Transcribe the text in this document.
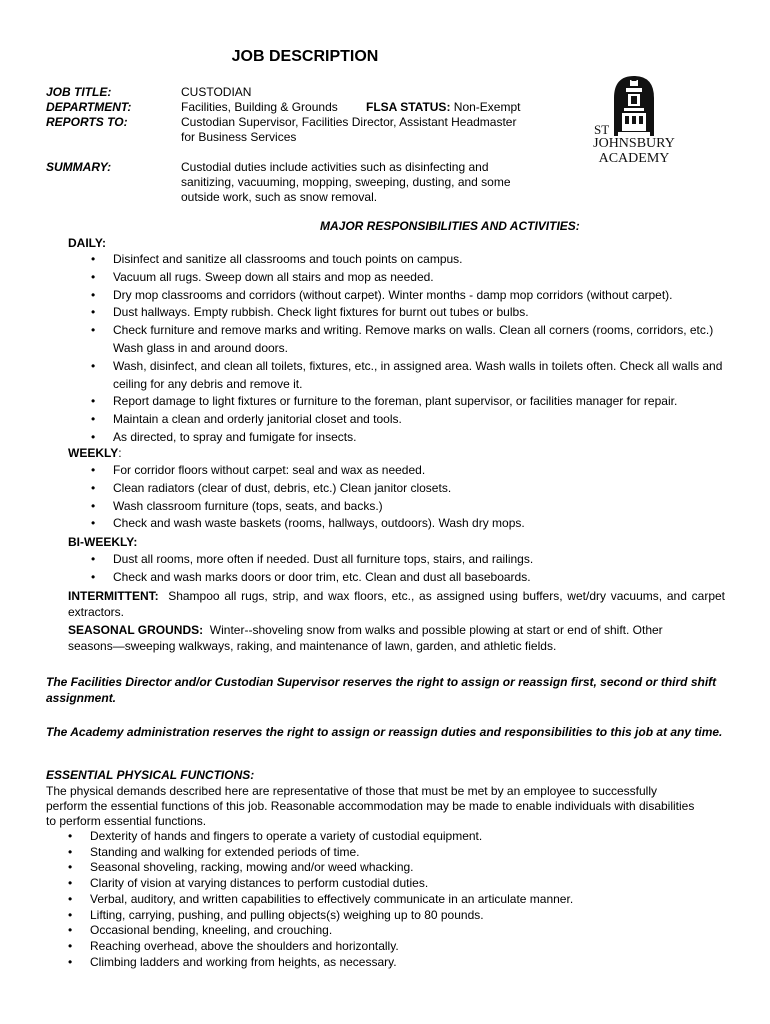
JOB DESCRIPTION
JOB TITLE:	CUSTODIAN
DEPARTMENT:	Facilities, Building & Grounds FLSA STATUS: Non-Exempt
REPORTS TO:	Custodian Supervisor, Facilities Director, Assistant Headmaster
for Business Services
SUMMARY:	Custodial duties include activities such as disinfecting and
sanitizing, vacuuming, mopping, sweeping, dusting, and some
outside work, such as snow removal.
ST
JOHNSBURY
ACADEMY
MAJOR RESPONSIBILITIES AND ACTIVITIES:
DAILY:
• Disinfect and sanitize all classrooms and touch points on campus.
• Vacuum all rugs. Sweep down all stairs and mop as needed.
• Dry mop classrooms and corridors (without carpet). Winter months - damp mop corridors (without carpet).
• Dust hallways. Empty rubbish. Check light fixtures for burnt out tubes or bulbs.
• Check furniture and remove marks and writing. Remove marks on walls. Clean all corners (rooms, corridors, etc.) Wash glass in and around doors.
• Wash, disinfect, and clean all toilets, fixtures, etc., in assigned area. Wash walls in toilets often. Check all walls and ceiling for any debris and remove it.
• Report damage to light fixtures or furniture to the foreman, plant supervisor, or facilities manager for repair.
• Maintain a clean and orderly janitorial closet and tools.
• As directed, to spray and fumigate for insects.
WEEKLY:
• For corridor floors without carpet: seal and wax as needed.
• Clean radiators (clear of dust, debris, etc.) Clean janitor closets.
• Wash classroom furniture (tops, seats, and backs.)
• Check and wash waste baskets (rooms, hallways, outdoors). Wash dry mops.
BI-WEEKLY:
• Dust all rooms, more often if needed. Dust all furniture tops, stairs, and railings.
• Check and wash marks doors or door trim, etc. Clean and dust all baseboards.

INTERMITTENT: Shampoo all rugs, strip, and wax floors, etc., as assigned using buffers, wet/dry vacuums, and carpet extractors.

SEASONAL GROUNDS: Winter--shoveling snow from walks and possible plowing at start or end of shift. Other seasons—sweeping walkways, raking, and maintenance of lawn, garden, and athletic fields.

The Facilities Director and/or Custodian Supervisor reserves the right to assign or reassign first, second or third shift assignment.
The Academy administration reserves the right to assign or reassign duties and responsibilities to this job at any time.
ESSENTIAL PHYSICAL FUNCTIONS:
The physical demands described here are representative of those that must be met by an employee to successfully perform the essential functions of this job. Reasonable accommodation may be made to enable individuals with disabilities to perform essential functions.
• Dexterity of hands and fingers to operate a variety of custodial equipment.
• Standing and walking for extended periods of time.
• Seasonal shoveling, racking, mowing and/or weed whacking.
• Clarity of vision at varying distances to perform custodial duties.
• Verbal, auditory, and written capabilities to effectively communicate in an articulate manner.
• Lifting, carrying, pushing, and pulling objects(s) weighing up to 80 pounds.
• Occasional bending, kneeling, and crouching.
• Reaching overhead, above the shoulders and horizontally.
• Climbing ladders and working from heights, as necessary.
